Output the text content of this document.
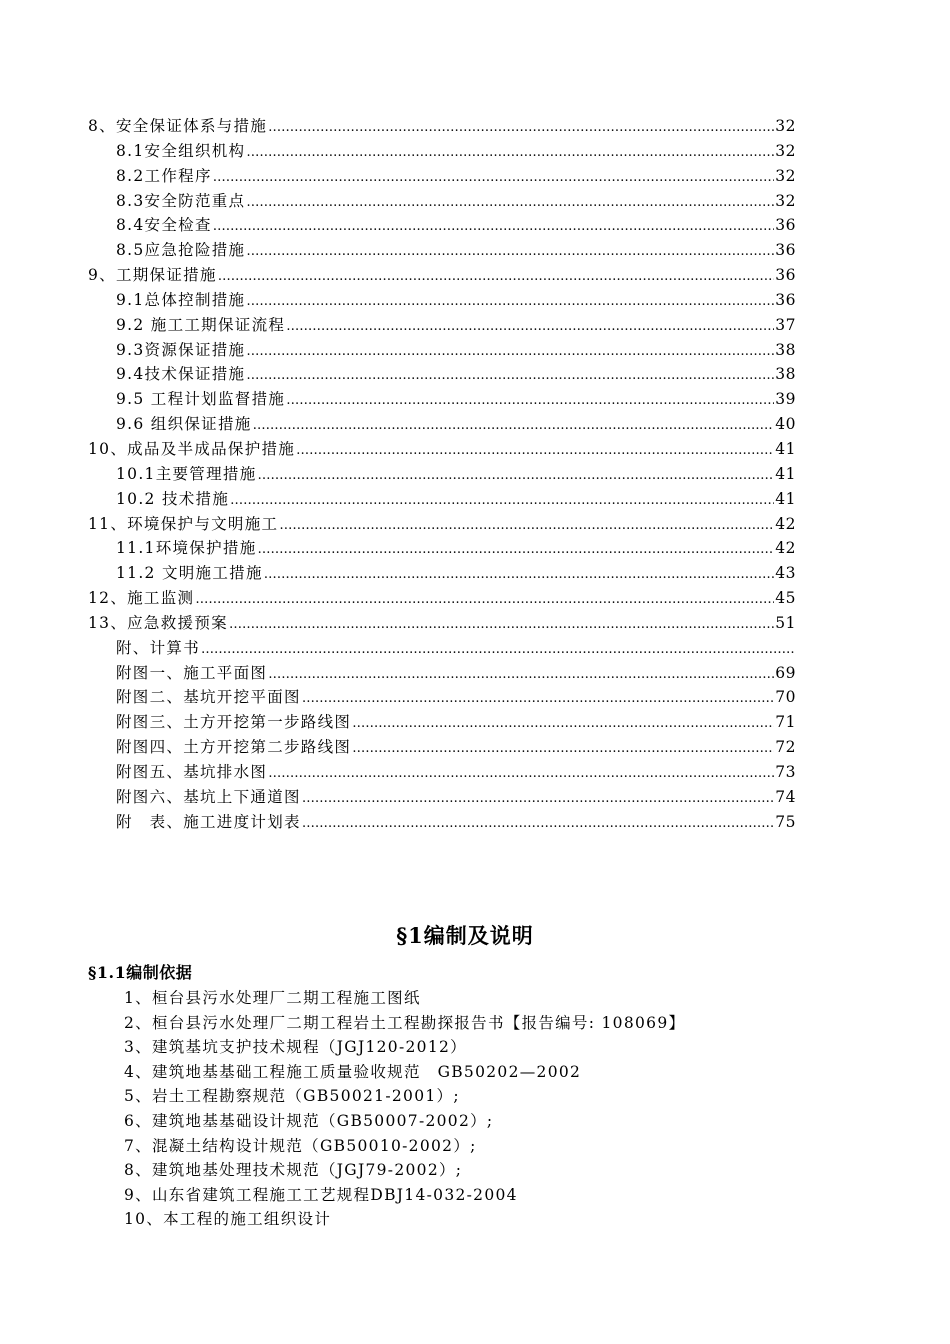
8、安全保证体系与措施 …………………………………………………………………………………………………………………………………………………………………………………………	32
8.1安全组织机构 …………………………………………………………………………………………………………………………………………………………………………………………	32
8.2工作程序 …………………………………………………………………………………………………………………………………………………………………………………………	32
8.3安全防范重点 …………………………………………………………………………………………………………………………………………………………………………………………	32
8.4安全检查 …………………………………………………………………………………………………………………………………………………………………………………………	36
8.5应急抢险措施 …………………………………………………………………………………………………………………………………………………………………………………………	36
9、工期保证措施 …………………………………………………………………………………………………………………………………………………………………………………………	36
9.1总体控制措施 …………………………………………………………………………………………………………………………………………………………………………………………	36
9.2 施工工期保证流程 …………………………………………………………………………………………………………………………………………………………………………………………	37
9.3资源保证措施 …………………………………………………………………………………………………………………………………………………………………………………………	38
9.4技术保证措施 …………………………………………………………………………………………………………………………………………………………………………………………	38
9.5 工程计划监督措施 …………………………………………………………………………………………………………………………………………………………………………………………	39
9.6 组织保证措施 …………………………………………………………………………………………………………………………………………………………………………………………	40
10、成品及半成品保护措施 …………………………………………………………………………………………………………………………………………………………………………………………	41
10.1主要管理措施 …………………………………………………………………………………………………………………………………………………………………………………………	41
10.2 技术措施 …………………………………………………………………………………………………………………………………………………………………………………………	41
11、环境保护与文明施工 …………………………………………………………………………………………………………………………………………………………………………………………	42
11.1环境保护措施 …………………………………………………………………………………………………………………………………………………………………………………………	42
11.2 文明施工措施 …………………………………………………………………………………………………………………………………………………………………………………………	43
12、施工监测 …………………………………………………………………………………………………………………………………………………………………………………………	45
13、应急救援预案 …………………………………………………………………………………………………………………………………………………………………………………………	51
附、计算书
…………………………………………………………………………………………………………………………………………………………………………………………
附图一、施工平面图 …………………………………………………………………………………………………………………………………………………………………………………………	69
附图二、基坑开挖平面图 …………………………………………………………………………………………………………………………………………………………………………………………	70
附图三、土方开挖第一步路线图 …………………………………………………………………………………………………………………………………………………………………………………………	71
附图四、土方开挖第二步路线图 …………………………………………………………………………………………………………………………………………………………………………………………	72
附图五、基坑排水图 …………………………………………………………………………………………………………………………………………………………………………………………	73
附图六、基坑上下通道图 …………………………………………………………………………………………………………………………………………………………………………………………	74
附　表、施工进度计划表 …………………………………………………………………………………………………………………………………………………………………………………………	75
§1编制及说明
§1.1编制依据
1、桓台县污水处理厂二期工程施工图纸
2、桓台县污水处理厂二期工程岩土工程勘探报告书【报告编号: 108069】
3、建筑基坑支护技术规程（JGJ120-2012）
4、建筑地基基础工程施工质量验收规范　GB50202—2002
5、岩土工程勘察规范（GB50021-2001）;
6、建筑地基基础设计规范（GB50007-2002）;
7、混凝土结构设计规范（GB50010-2002）;
8、建筑地基处理技术规范（JGJ79-2002）;
9、山东省建筑工程施工工艺规程DBJ14-032-2004
10、本工程的施工组织设计
